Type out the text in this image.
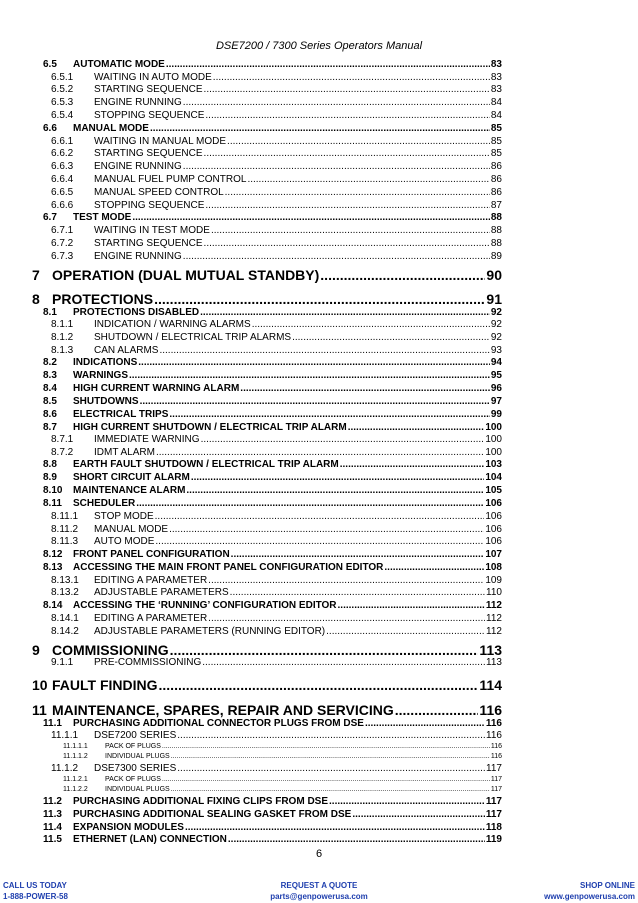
DSE7200 / 7300 Series Operators Manual
6.5	AUTOMATIC MODE .....	83
6.5.1	WAITING IN AUTO MODE .....	83
6.5.2	STARTING SEQUENCE .....	83
6.5.3	ENGINE RUNNING .....	84
6.5.4	STOPPING SEQUENCE .....	84
6.6	MANUAL MODE .....	85
6.6.1	WAITING IN MANUAL MODE .....	85
6.6.2	STARTING SEQUENCE .....	85
6.6.3	ENGINE RUNNING .....	86
6.6.4	MANUAL FUEL PUMP CONTROL .....	86
6.6.5	MANUAL SPEED CONTROL .....	86
6.6.6	STOPPING SEQUENCE .....	87
6.7	TEST MODE .....	88
6.7.1	WAITING IN TEST MODE .....	88
6.7.2	STARTING SEQUENCE .....	88
6.7.3	ENGINE RUNNING .....	89
7 OPERATION (DUAL MUTUAL STANDBY) .....	90
8 PROTECTIONS .....	91
8.1	PROTECTIONS DISABLED .....	92
8.1.1	INDICATION / WARNING ALARMS .....	92
8.1.2	SHUTDOWN / ELECTRICAL TRIP ALARMS .....	92
8.1.3	CAN ALARMS .....	93
8.2	INDICATIONS .....	94
8.3	WARNINGS .....	95
8.4	HIGH CURRENT WARNING ALARM .....	96
8.5	SHUTDOWNS .....	97
8.6	ELECTRICAL TRIPS .....	99
8.7	HIGH CURRENT SHUTDOWN / ELECTRICAL TRIP ALARM .....	100
8.7.1	IMMEDIATE WARNING .....	100
8.7.2	IDMT ALARM .....	100
8.8	EARTH FAULT SHUTDOWN / ELECTRICAL TRIP ALARM .....	103
8.9	SHORT CIRCUIT ALARM .....	104
8.10	MAINTENANCE ALARM .....	105
8.11	SCHEDULER .....	106
8.11.1	STOP MODE .....	106
8.11.2	MANUAL MODE .....	106
8.11.3	AUTO MODE .....	106
8.12	FRONT PANEL CONFIGURATION .....	107
8.13	ACCESSING THE MAIN FRONT PANEL CONFIGURATION EDITOR .....	108
8.13.1	EDITING A PARAMETER .....	109
8.13.2	ADJUSTABLE PARAMETERS .....	110
8.14	ACCESSING THE ‘RUNNING’ CONFIGURATION EDITOR .....	112
8.14.1	EDITING A PARAMETER .....	112
8.14.2	ADJUSTABLE PARAMETERS (RUNNING EDITOR) .....	112
9 COMMISSIONING .....	113
9.1.1	PRE-COMMISSIONING .....	113
10 FAULT FINDING .....	114
11 MAINTENANCE, SPARES, REPAIR AND SERVICING .....	116
11.1	PURCHASING ADDITIONAL CONNECTOR PLUGS FROM DSE .....	116
11.1.1	DSE7200 SERIES .....	116
11.1.1.1	PACK OF PLUGS .....	116
11.1.1.2	INDIVIDUAL PLUGS .....	116
11.1.2	DSE7300 SERIES .....	117
11.1.2.1	PACK OF PLUGS .....	117
11.1.2.2	INDIVIDUAL PLUGS .....	117
11.2	PURCHASING ADDITIONAL FIXING CLIPS FROM DSE .....	117
11.3	PURCHASING ADDITIONAL SEALING GASKET FROM DSE .....	117
11.4	EXPANSION MODULES .....	118
11.5	ETHERNET (LAN) CONNECTION .....	119
6
CALL US TODAY
1-888-POWER-58
REQUEST A QUOTE
parts@genpowerusa.com
SHOP ONLINE
www.genpowerusa.com
